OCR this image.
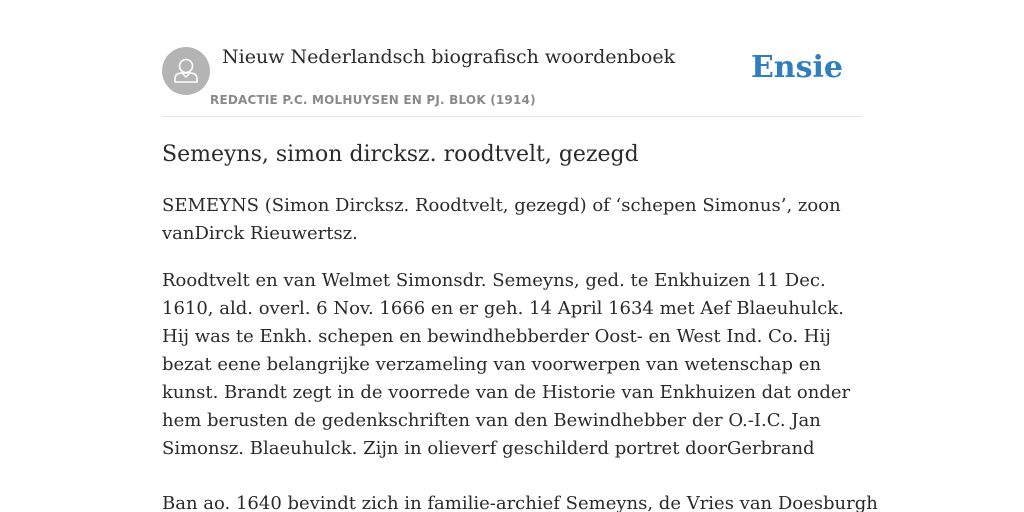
Nieuw Nederlandsch biografisch woordenboek
REDACTIE P.C. MOLHUYSEN EN PJ. BLOK (1914)
Ensie
Semeyns, simon dircksz. roodtvelt, gezegd

SEMEYNS (Simon Dircksz. Roodtvelt, gezegd) of ‘schepen Simonus’, zoon vanDirck Rieuwertsz.

Roodtvelt en van Welmet Simonsdr. Semeyns, ged. te Enkhuizen 11 Dec. 1610, ald. overl. 6 Nov. 1666 en er geh. 14 April 1634 met Aef Blaeuhulck. Hij was te Enkh. schepen en bewindhebberder Oost- en West Ind. Co. Hij bezat eene belangrijke verzameling van voorwerpen van wetenschap en kunst. Brandt zegt in de voorrede van de Historie van Enkhuizen dat onder hem berusten de gedenkschriften van den Bewindhebber der O.-I.C. Jan Simonsz. Blaeuhulck. Zijn in olieverf geschilderd portret doorGerbrand

Ban ao. 1640 bevindt zich in familie-archief Semeyns, de Vries van Doesburgh
